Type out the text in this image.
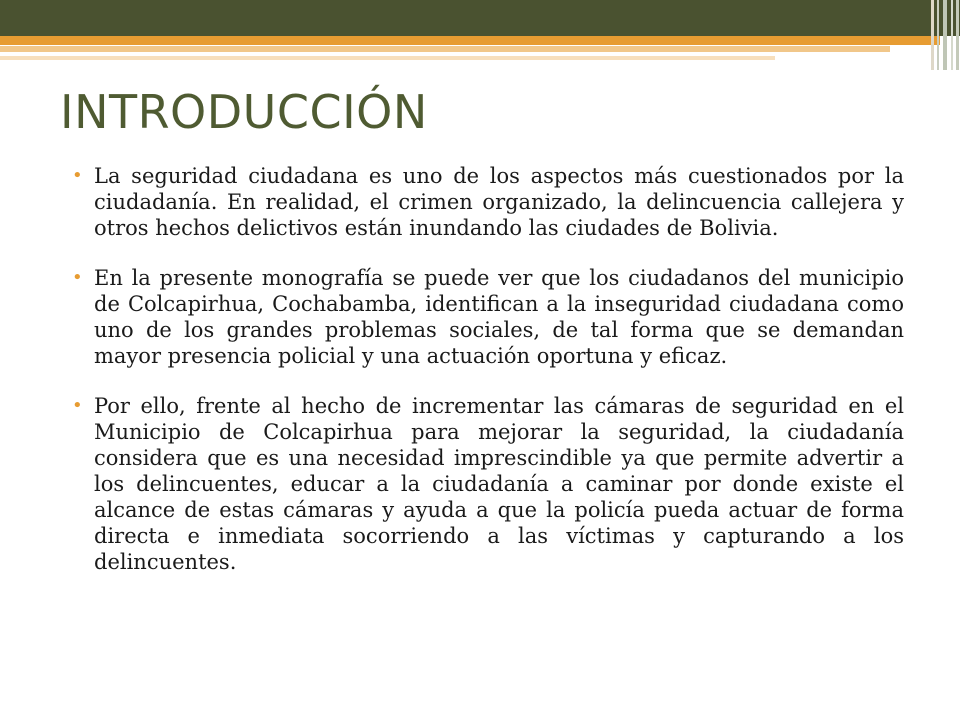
INTRODUCCIÓN
• La seguridad ciudadana es uno de los aspectos más cuestionados por la ciudadanía. En realidad, el crimen organizado, la delincuencia callejera y otros hechos delictivos están inundando las ciudades de Bolivia.
• En la presente monografía se puede ver que los ciudadanos del municipio de Colcapirhua, Cochabamba, identifican a la inseguridad ciudadana como uno de los grandes problemas sociales, de tal forma que se demandan mayor presencia policial y una actuación oportuna y eficaz.
• Por ello, frente al hecho de incrementar las cámaras de seguridad en el Municipio de Colcapirhua para mejorar la seguridad, la ciudadanía considera que es una necesidad imprescindible ya que permite advertir a los delincuentes, educar a la ciudadanía a caminar por donde existe el alcance de estas cámaras y ayuda a que la policía pueda actuar de forma directa e inmediata socorriendo a las víctimas y capturando a los delincuentes.
